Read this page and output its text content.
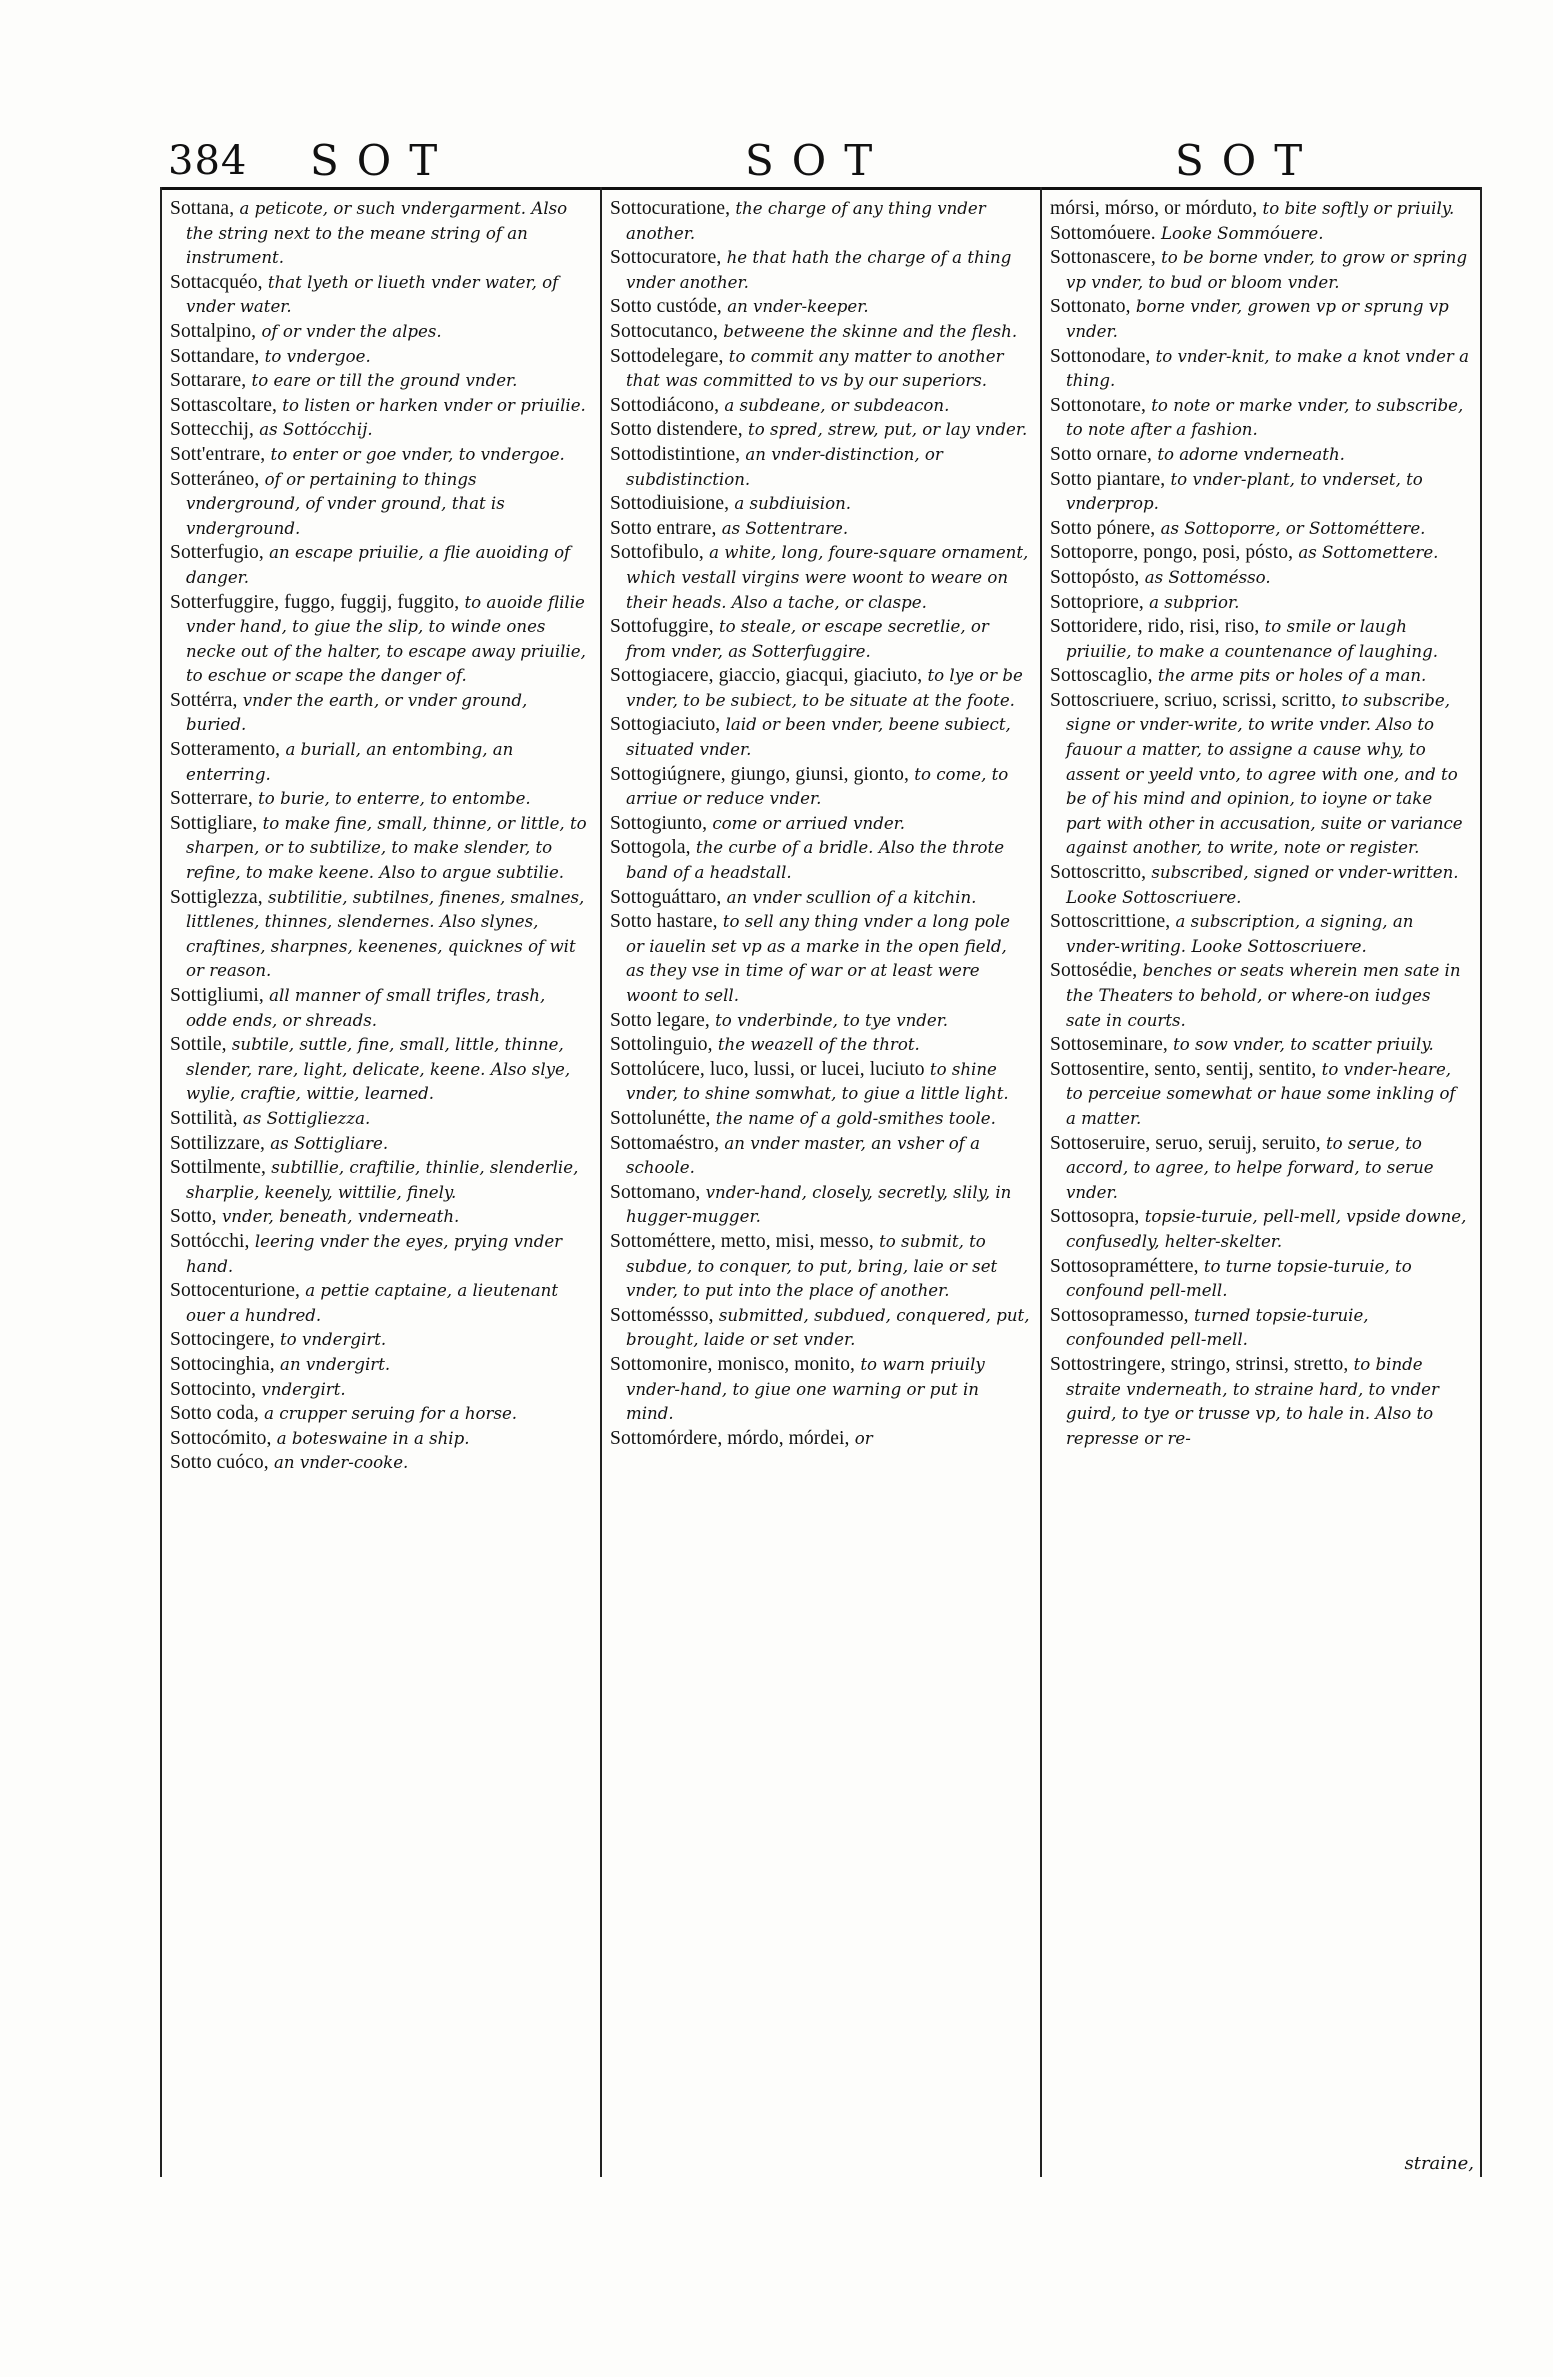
384 SOT	SOT	SOT
Sottana, a peticote, or such vndergarment. Also the string next to the meane string of an instrument.
Sottacquéo, that lyeth or liueth vnder water, of vnder water.
Sottalpino, of or vnder the alpes.
Sottandare, to vndergoe.
Sottarare, to eare or till the ground vnder.
Sottascoltare, to listen or harken vnder or priuilie.
Sottecchij, as Sottócchij.
Sott'entrare, to enter or goe vnder, to vndergoe.
Sotteráneo, of or pertaining to things vnderground, of vnder ground, that is vnderground.
Sotterfugio, an escape priuilie, a flie auoiding of danger.
Sotterfuggire, fuggo, fuggij, fuggito, to auoide flilie vnder hand, to giue the slip, to winde ones necke out of the halter, to escape away priuilie, to eschue or scape the danger of.
Sottérra, vnder the earth, or vnder ground, buried.
Sotteramento, a buriall, an entombing, an enterring.
Sotterrare, to burie, to enterre, to entombe.
Sottigliare, to make fine, small, thinne, or little, to sharpen, or to subtilize, to make slender, to refine, to make keene. Also to argue subtilie.
Sottiglezza, subtilitie, subtilnes, finenes, smalnes, littlenes, thinnes, slendernes. Also slynes, craftines, sharpnes, keenenes, quicknes of wit or reason.
Sottigliumi, all manner of small trifles, trash, odde ends, or shreads.
Sottile, subtile, suttle, fine, small, little, thinne, slender, rare, light, delicate, keene. Also slye, wylie, craftie, wittie, learned.
Sottilità, as Sottigliezza.
Sottilizzare, as Sottigliare.
Sottilmente, subtillie, craftilie, thinlie, slenderlie, sharplie, keenely, wittilie, finely.
Sotto, vnder, beneath, vnderneath.
Sottócchi, leering vnder the eyes, prying vnder hand.
Sottocenturione, a pettie captaine, a lieutenant ouer a hundred.
Sottocingere, to vndergirt.
Sottocinghia, an vndergirt.
Sottocinto, vndergirt.
Sotto coda, a crupper seruing for a horse.
Sottocómito, a boteswaine in a ship.
Sotto cuóco, an vnder-cooke.
Sottocuratione, the charge of any thing vnder another.
Sottocuratore, he that hath the charge of a thing vnder another.
Sotto custóde, an vnder-keeper.
Sottocutanco, betweene the skinne and the flesh.
Sottodelegare, to commit any matter to another that was committed to vs by our superiors.
Sottodiácono, a subdeane, or subdeacon.
Sotto distendere, to spred, strew, put, or lay vnder.
Sottodistintione, an vnder-distinction, or subdistinction.
Sottodiuisione, a subdiuision.
Sotto entrare, as Sottentrare.
Sottofibulo, a white, long, foure-square ornament, which vestall virgins were woont to weare on their heads. Also a tache, or claspe.
Sottofuggire, to steale, or escape secretlie, or from vnder, as Sotterfuggire.
Sottogiacere, giaccio, giacqui, giaciuto, to lye or be vnder, to be subiect, to be situate at the foote.
Sottogiaciuto, laid or been vnder, beene subiect, situated vnder.
Sottogiúgnere, giungo, giunsi, gionto, to come, to arriue or reduce vnder.
Sottogiunto, come or arriued vnder.
Sottogola, the curbe of a bridle. Also the throte band of a headstall.
Sottoguáttaro, an vnder scullion of a kitchin.
Sotto hastare, to sell any thing vnder a long pole or iauelin set vp as a marke in the open field, as they vse in time of war or at least were woont to sell.
Sotto legare, to vnderbinde, to tye vnder.
Sottolinguio, the weazell of the throt.
Sottolúcere, luco, lussi, or lucei, luciuto to shine vnder, to shine somwhat, to giue a little light.
Sottolunétte, the name of a gold-smithes toole.
Sottomaéstro, an vnder master, an vsher of a schoole.
Sottomano, vnder-hand, closely, secretly, slily, in hugger-mugger.
Sottométtere, metto, misi, messo, to submit, to subdue, to conquer, to put, bring, laie or set vnder, to put into the place of another.
Sottoméssso, submitted, subdued, conquered, put, brought, laide or set vnder.
Sottomonire, monisco, monito, to warn priuily vnder-hand, to giue one warning or put in mind.
Sottomórdere, mórdo, mórdei, or
mórsi, mórso, or mórduto, to bite softly or priuily.
Sottomóuere. Looke Sommóuere.
Sottonascere, to be borne vnder, to grow or spring vp vnder, to bud or bloom vnder.
Sottonato, borne vnder, growen vp or sprung vp vnder.
Sottonodare, to vnder-knit, to make a knot vnder a thing.
Sottonotare, to note or marke vnder, to subscribe, to note after a fashion.
Sotto ornare, to adorne vnderneath.
Sotto piantare, to vnder-plant, to vnderset, to vnderprop.
Sotto pónere, as Sottoporre, or Sottométtere.
Sottoporre, pongo, posi, pósto, as Sottomettere.
Sottopósto, as Sottomésso.
Sottopriore, a subprior.
Sottoridere, rido, risi, riso, to smile or laugh priuilie, to make a countenance of laughing.
Sottoscaglio, the arme pits or holes of a man.
Sottoscriuere, scriuo, scrissi, scritto, to subscribe, signe or vnder-write, to write vnder. Also to fauour a matter, to assigne a cause why, to assent or yeeld vnto, to agree with one, and to be of his mind and opinion, to ioyne or take part with other in accusation, suite or variance against another, to write, note or register.
Sottoscritto, subscribed, signed or vnder-written. Looke Sottoscriuere.
Sottoscrittione, a subscription, a signing, an vnder-writing. Looke Sottoscriuere.
Sottosédie, benches or seats wherein men sate in the Theaters to behold, or where-on iudges sate in courts.
Sottoseminare, to sow vnder, to scatter priuily.
Sottosentire, sento, sentij, sentito, to vnder-heare, to perceiue somewhat or haue some inkling of a matter.
Sottoseruire, seruo, seruij, seruito, to serue, to accord, to agree, to helpe forward, to serue vnder.
Sottosopra, topsie-turuie, pell-mell, vpside downe, confusedly, helter-skelter.
Sottosopraméttere, to turne topsie-turuie, to confound pell-mell.
Sottosopramesso, turned topsie-turuie, confounded pell-mell.
Sottostringere, stringo, strinsi, stretto, to binde straite vnderneath, to straine hard, to vnder guird, to tye or trusse vp, to hale in. Also to represse or re-
straine,
